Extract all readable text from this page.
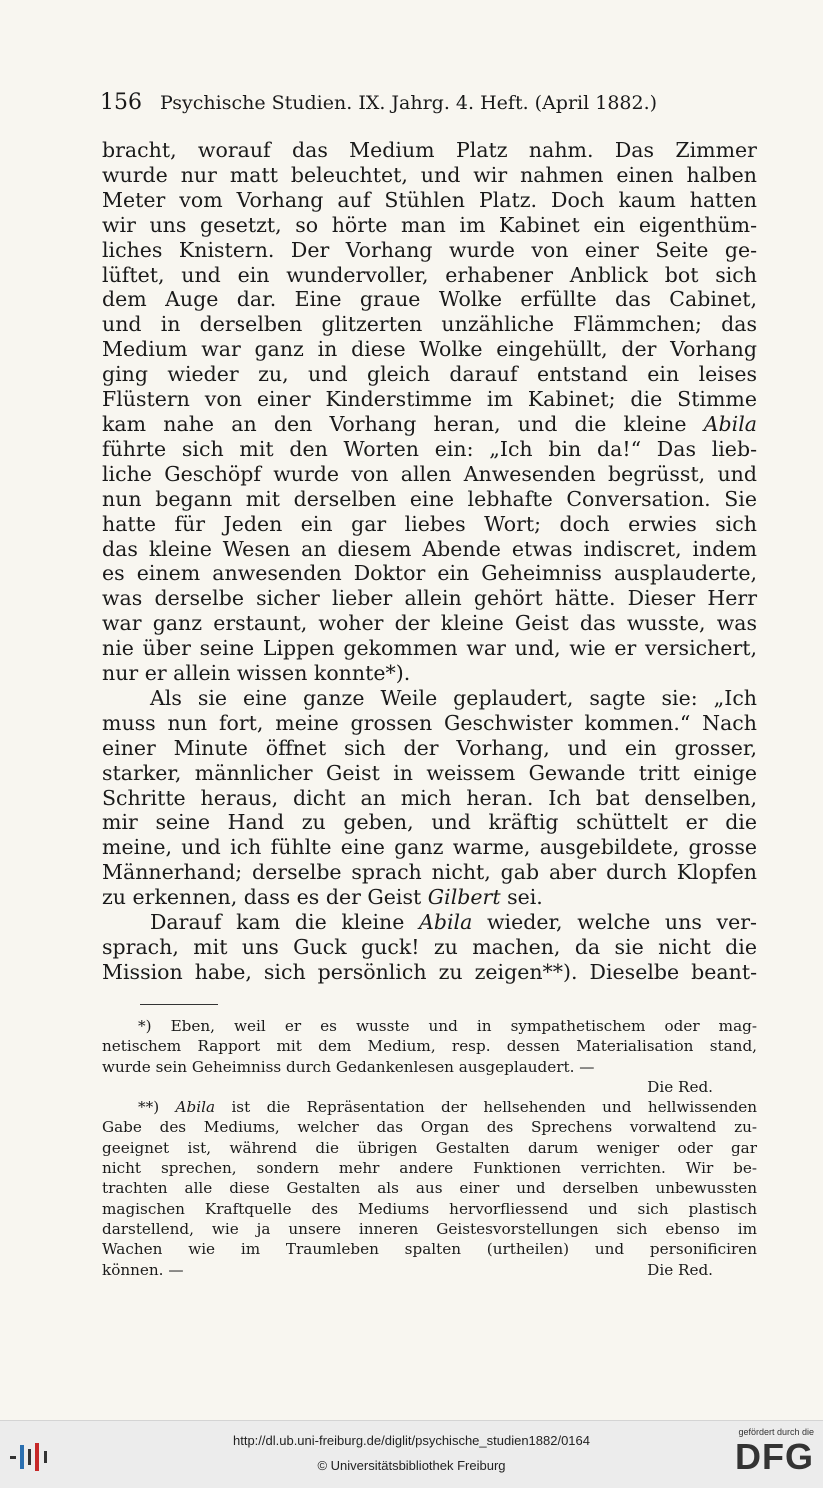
156 Psychische Studien. IX. Jahrg. 4. Heft. (April 1882.)
bracht, worauf das Medium Platz nahm. Das Zimmer
wurde nur matt beleuchtet, und wir nahmen einen halben
Meter vom Vorhang auf Stühlen Platz. Doch kaum hatten
wir uns gesetzt, so hörte man im Kabinet ein eigenthüm-
liches Knistern. Der Vorhang wurde von einer Seite ge-
lüftet, und ein wundervoller, erhabener Anblick bot sich
dem Auge dar. Eine graue Wolke erfüllte das Cabinet,
und in derselben glitzerten unzähliche Flämmchen; das
Medium war ganz in diese Wolke eingehüllt, der Vorhang
ging wieder zu, und gleich darauf entstand ein leises
Flüstern von einer Kinderstimme im Kabinet; die Stimme
kam nahe an den Vorhang heran, und die kleine Abila
führte sich mit den Worten ein: „Ich bin da!“ Das lieb-
liche Geschöpf wurde von allen Anwesenden begrüsst, und
nun begann mit derselben eine lebhafte Conversation. Sie
hatte für Jeden ein gar liebes Wort; doch erwies sich
das kleine Wesen an diesem Abende etwas indiscret, indem
es einem anwesenden Doktor ein Geheimniss ausplauderte,
was derselbe sicher lieber allein gehört hätte. Dieser Herr
war ganz erstaunt, woher der kleine Geist das wusste, was
nie über seine Lippen gekommen war und, wie er versichert,
nur er allein wissen konnte*).
Als sie eine ganze Weile geplaudert, sagte sie: „Ich
muss nun fort, meine grossen Geschwister kommen.“ Nach
einer Minute öffnet sich der Vorhang, und ein grosser,
starker, männlicher Geist in weissem Gewande tritt einige
Schritte heraus, dicht an mich heran. Ich bat denselben,
mir seine Hand zu geben, und kräftig schüttelt er die
meine, und ich fühlte eine ganz warme, ausgebildete, grosse
Männerhand; derselbe sprach nicht, gab aber durch Klopfen
zu erkennen, dass es der Geist Gilbert sei.
Darauf kam die kleine Abila wieder, welche uns ver-
sprach, mit uns Guck guck! zu machen, da sie nicht die
Mission habe, sich persönlich zu zeigen**). Dieselbe beant-
*) Eben, weil er es wusste und in sympathetischem oder mag-
netischem Rapport mit dem Medium, resp. dessen Materialisation stand,
wurde sein Geheimniss durch Gedankenlesen ausgeplaudert. —
Die Red.
**) Abila ist die Repräsentation der hellsehenden und hellwissenden
Gabe des Mediums, welcher das Organ des Sprechens vorwaltend zu-
geeignet ist, während die übrigen Gestalten darum weniger oder gar
nicht sprechen, sondern mehr andere Funktionen verrichten. Wir be-
trachten alle diese Gestalten als aus einer und derselben unbewussten
magischen Kraftquelle des Mediums hervorfliessend und sich plastisch
darstellend, wie ja unsere inneren Geistesvorstellungen sich ebenso im
Wachen wie im Traumleben spalten (urtheilen) und personificiren
können. —	Die Red.
http://dl.ub.uni-freiburg.de/diglit/psychische_studien1882/0164
© Universitätsbibliothek Freiburg
gefördert durch die
DFG
